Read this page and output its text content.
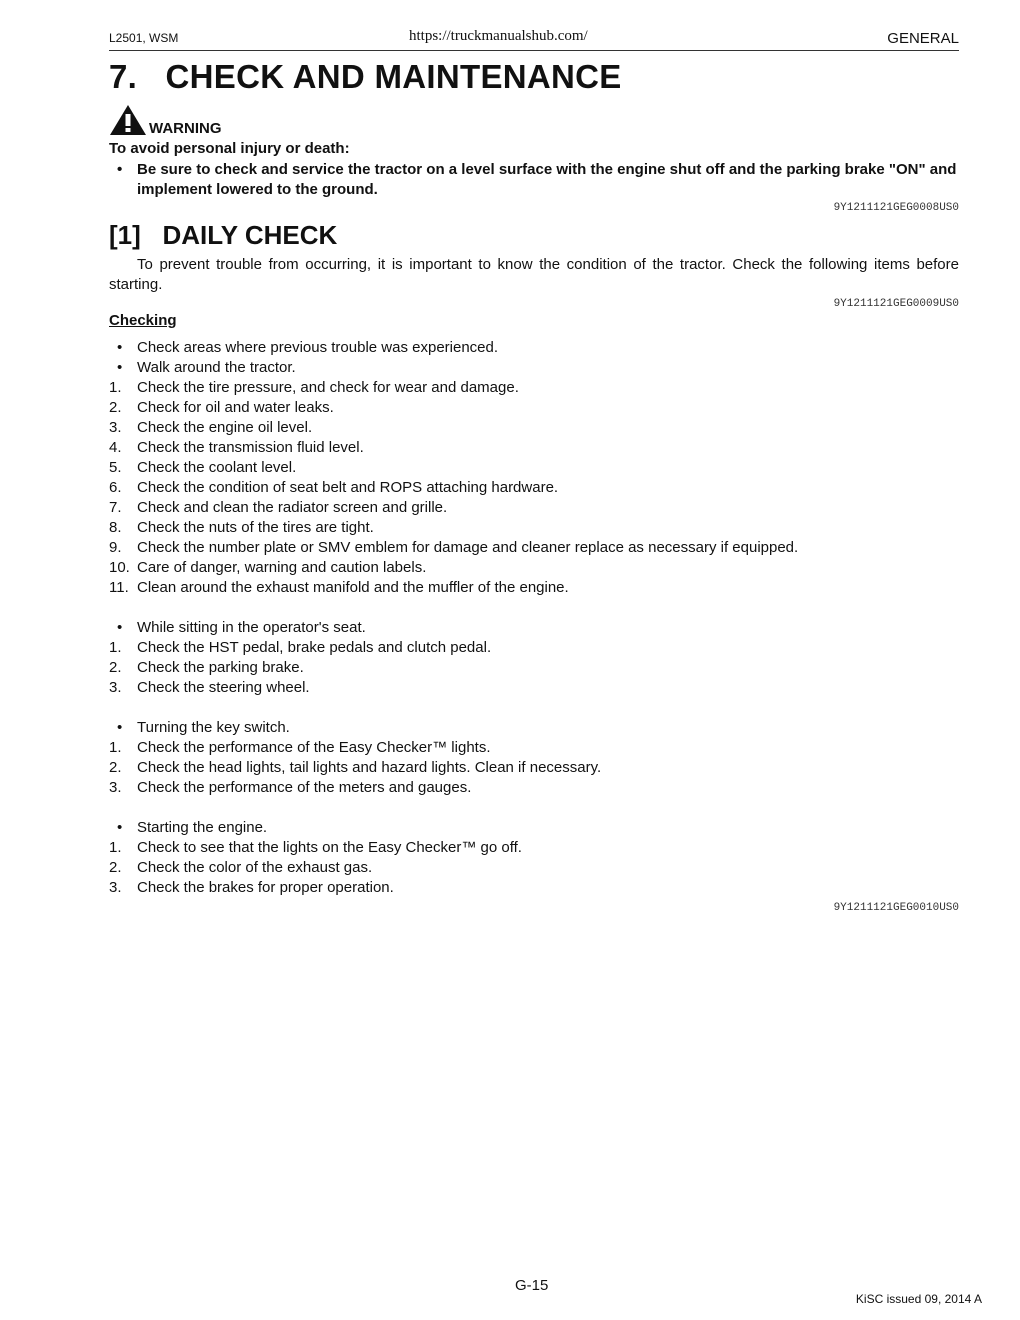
L2501, WSM	https://truckmanualshub.com/	GENERAL
7.   CHECK AND MAINTENANCE
WARNING
To avoid personal injury or death:
• Be sure to check and service the tractor on a level surface with the engine shut off and the parking brake "ON" and implement lowered to the ground.
9Y1211121GEG0008US0
[1]   DAILY CHECK

To prevent trouble from occurring, it is important to know the condition of the tractor. Check the following items before starting.

9Y1211121GEG0009US0
Checking
• Check areas where previous trouble was experienced.
• Walk around the tractor.
1.	Check the tire pressure, and check for wear and damage.
2.	Check for oil and water leaks.
3.	Check the engine oil level.
4.	Check the transmission fluid level.
5.	Check the coolant level.
6.	Check the condition of seat belt and ROPS attaching hardware.
7.	Check and clean the radiator screen and grille.
8.	Check the nuts of the tires are tight.
9.	Check the number plate or SMV emblem for damage and cleaner replace as necessary if equipped.
10. Care of danger, warning and caution labels.
11. Clean around the exhaust manifold and the muffler of the engine.
• While sitting in the operator's seat.
1.	Check the HST pedal, brake pedals and clutch pedal.
2.	Check the parking brake.
3.	Check the steering wheel.
• Turning the key switch.
1.	Check the performance of the Easy Checker™ lights.
2.	Check the head lights, tail lights and hazard lights. Clean if necessary.
3.	Check the performance of the meters and gauges.
• Starting the engine.
1.	Check to see that the lights on the Easy Checker™ go off.
2.	Check the color of the exhaust gas.
3.	Check the brakes for proper operation.
9Y1211121GEG0010US0
G-15
KiSC issued 09, 2014 A
